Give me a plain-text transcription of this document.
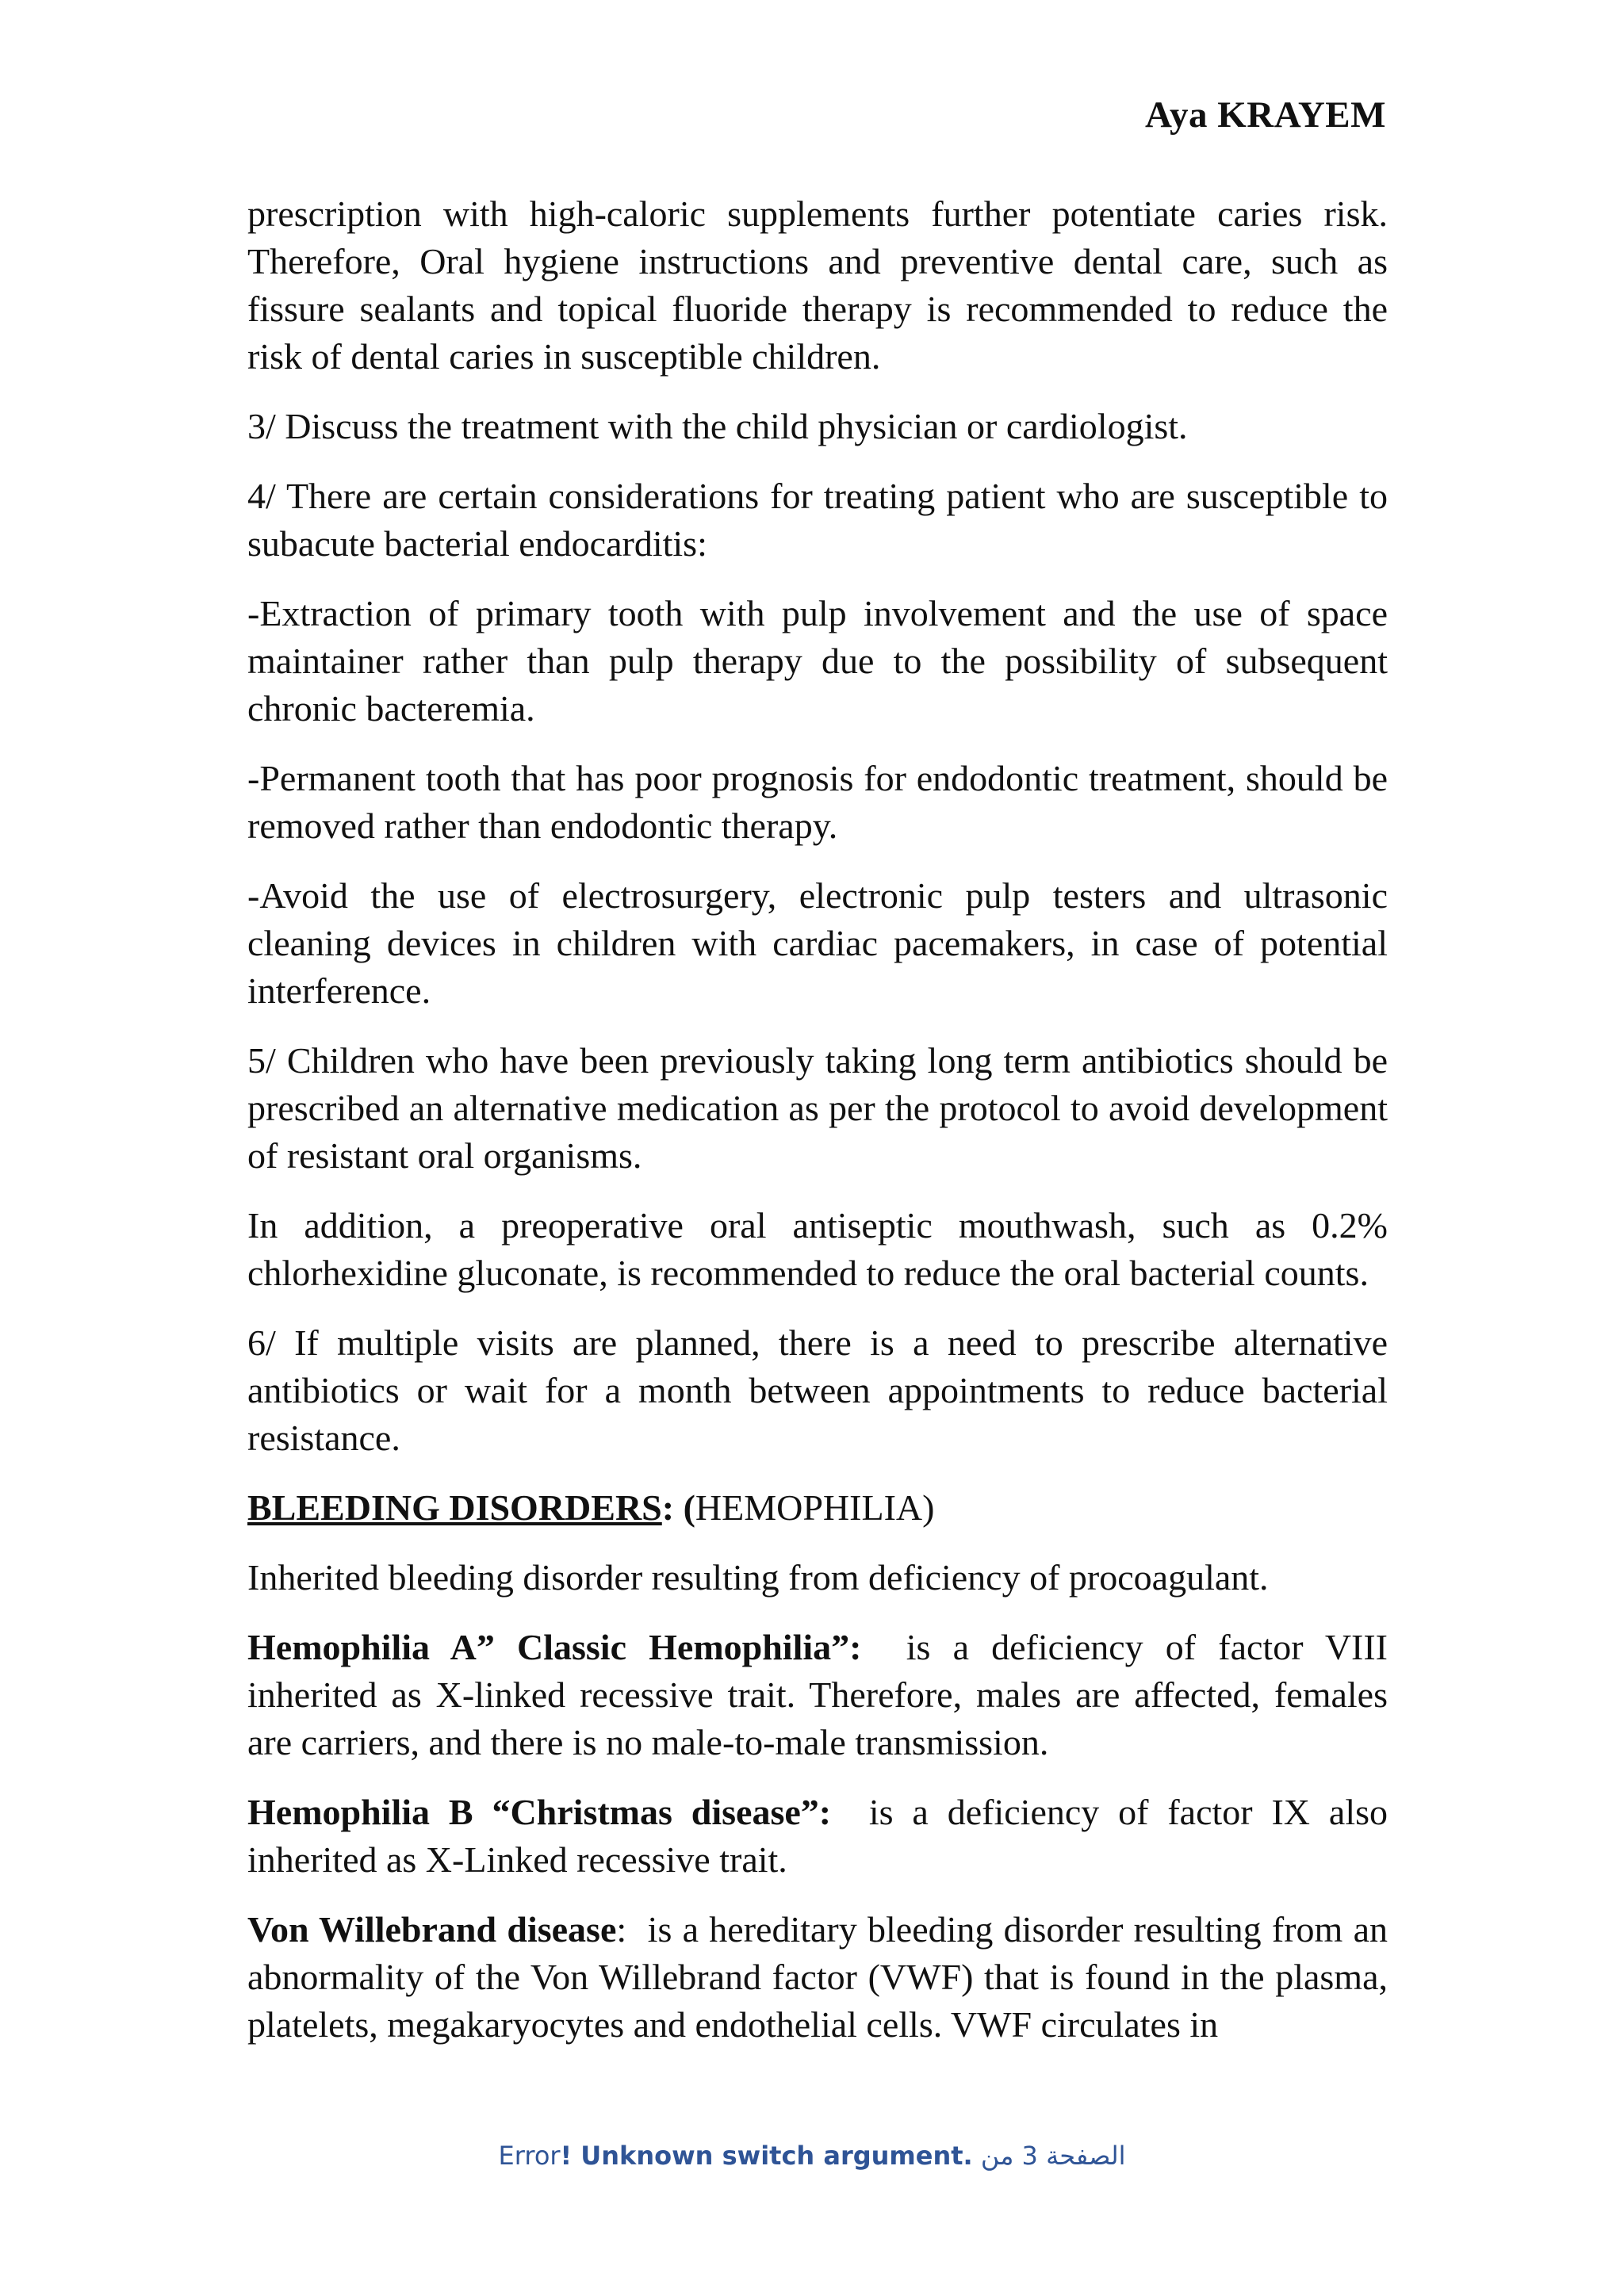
Aya KRAYEM

prescription with high-caloric supplements further potentiate caries risk. Therefore, Oral hygiene instructions and preventive dental care, such as fissure sealants and topical fluoride therapy is recommended to reduce the risk of dental caries in susceptible children.

3/ Discuss the treatment with the child physician or cardiologist.

4/ There are certain considerations for treating patient who are susceptible to subacute bacterial endocarditis:

-Extraction of primary tooth with pulp involvement and the use of space maintainer rather than pulp therapy due to the possibility of subsequent chronic bacteremia.

-Permanent tooth that has poor prognosis for endodontic treatment, should be removed rather than endodontic therapy.

-Avoid the use of electrosurgery, electronic pulp testers and ultrasonic cleaning devices in children with cardiac pacemakers, in case of potential interference.

5/ Children who have been previously taking long term antibiotics should be prescribed an alternative medication as per the protocol to avoid development of resistant oral organisms.

In addition, a preoperative oral antiseptic mouthwash, such as 0.2% chlorhexidine gluconate, is recommended to reduce the oral bacterial counts.

6/ If multiple visits are planned, there is a need to prescribe alternative antibiotics or wait for a month between appointments to reduce bacterial resistance.

BLEEDING DISORDERS: (HEMOPHILIA)

Inherited bleeding disorder resulting from deficiency of procoagulant.

Hemophilia A” Classic Hemophilia”:  is a deficiency of factor VIII inherited as X-linked recessive trait. Therefore, males are affected, females are carriers, and there is no male-to-male transmission.

Hemophilia B “Christmas disease”:  is a deficiency of factor IX also inherited as X-Linked recessive trait.

Von Willebrand disease:  is a hereditary bleeding disorder resulting from an abnormality of the Von Willebrand factor (VWF) that is found in the plasma, platelets, megakaryocytes and endothelial cells. VWF circulates in

Error! Unknown switch argument. الصفحة 3 من
